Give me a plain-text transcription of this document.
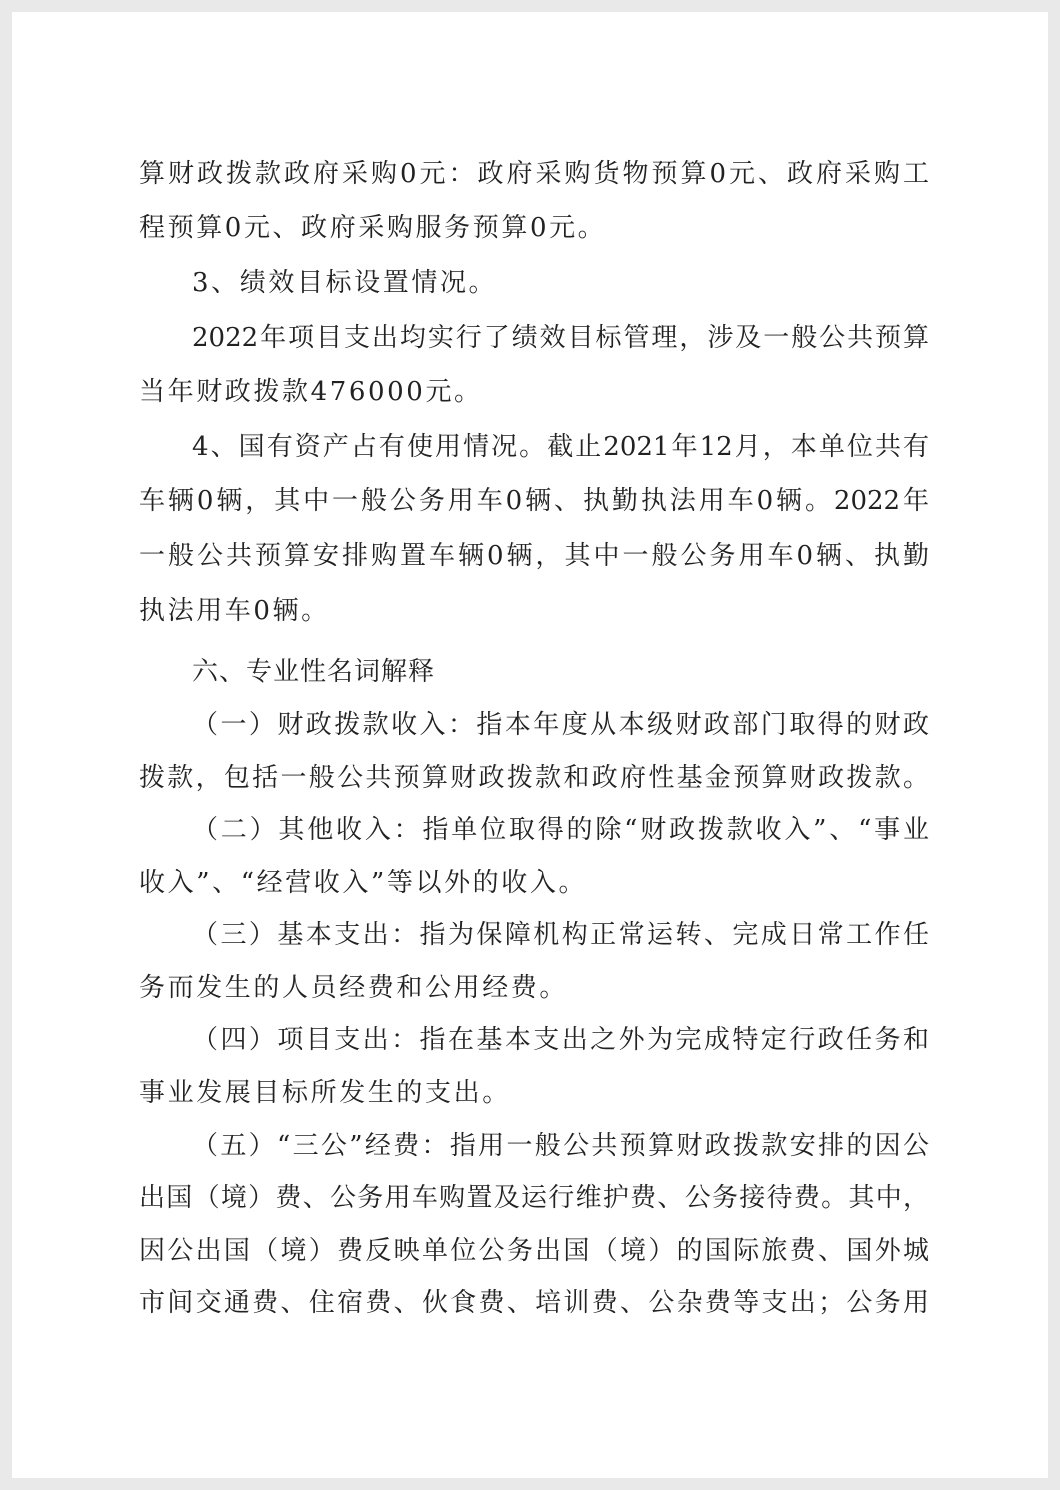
算财政拨款政府采购0元：政府采购货物预算0元、政府采购工
程预算0元、政府采购服务预算0元。
3、绩效目标设置情况。
2022年项目支出均实行了绩效目标管理，涉及一般公共预算
当年财政拨款476000元。
4、国有资产占有使用情况。截止2021年12月，本单位共有
车辆0辆，其中一般公务用车0辆、执勤执法用车0辆。2022年
一般公共预算安排购置车辆0辆，其中一般公务用车0辆、执勤
执法用车0辆。
六、专业性名词解释
（一）财政拨款收入：指本年度从本级财政部门取得的财政
拨款，包括一般公共预算财政拨款和政府性基金预算财政拨款。
（二）其他收入：指单位取得的除“财政拨款收入”、“事业
收入”、“经营收入”等以外的收入。
（三）基本支出：指为保障机构正常运转、完成日常工作任
务而发生的人员经费和公用经费。
（四）项目支出：指在基本支出之外为完成特定行政任务和
事业发展目标所发生的支出。
（五）“三公”经费：指用一般公共预算财政拨款安排的因公
出国（境）费、公务用车购置及运行维护费、公务接待费。其中，
因公出国（境）费反映单位公务出国（境）的国际旅费、国外城
市间交通费、住宿费、伙食费、培训费、公杂费等支出；公务用
